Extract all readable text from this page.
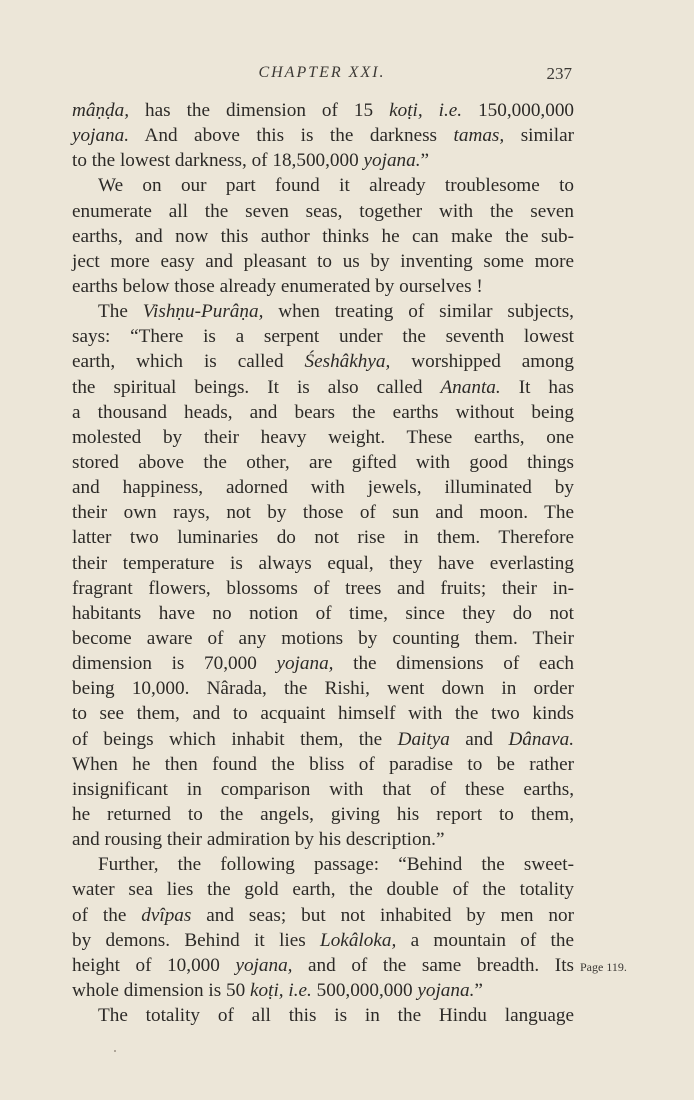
CHAPTER XXI.	237
mâṇḍa, has the dimension of 15 koṭi, i.e. 150,000,000
yojana. And above this is the darkness tamas, similar
to the lowest darkness, of 18,500,000 yojana.”
We on our part found it already troublesome to
enumerate all the seven seas, together with the seven
earths, and now this author thinks he can make the sub-
ject more easy and pleasant to us by inventing some more
earths below those already enumerated by ourselves !
The Vishṇu-Purâṇa, when treating of similar subjects,
says: “There is a serpent under the seventh lowest
earth, which is called Śeshâkhya, worshipped among
the spiritual beings. It is also called Ananta. It has
a thousand heads, and bears the earths without being
molested by their heavy weight. These earths, one
stored above the other, are gifted with good things
and happiness, adorned with jewels, illuminated by
their own rays, not by those of sun and moon. The
latter two luminaries do not rise in them. Therefore
their temperature is always equal, they have everlasting
fragrant flowers, blossoms of trees and fruits; their in-
habitants have no notion of time, since they do not
become aware of any motions by counting them. Their
dimension is 70,000 yojana, the dimensions of each
being 10,000. Nârada, the Rishi, went down in order
to see them, and to acquaint himself with the two kinds
of beings which inhabit them, the Daitya and Dânava.
When he then found the bliss of paradise to be rather
insignificant in comparison with that of these earths,
he returned to the angels, giving his report to them,
and rousing their admiration by his description.”
Further, the following passage: “Behind the sweet-
water sea lies the gold earth, the double of the totality
of the dvîpas and seas; but not inhabited by men nor
by demons. Behind it lies Lokâloka, a mountain of the
height of 10,000 yojana, and of the same breadth. Its
whole dimension is 50 koṭi, i.e. 500,000,000 yojana.”
The totality of all this is in the Hindu language
Page 119.
